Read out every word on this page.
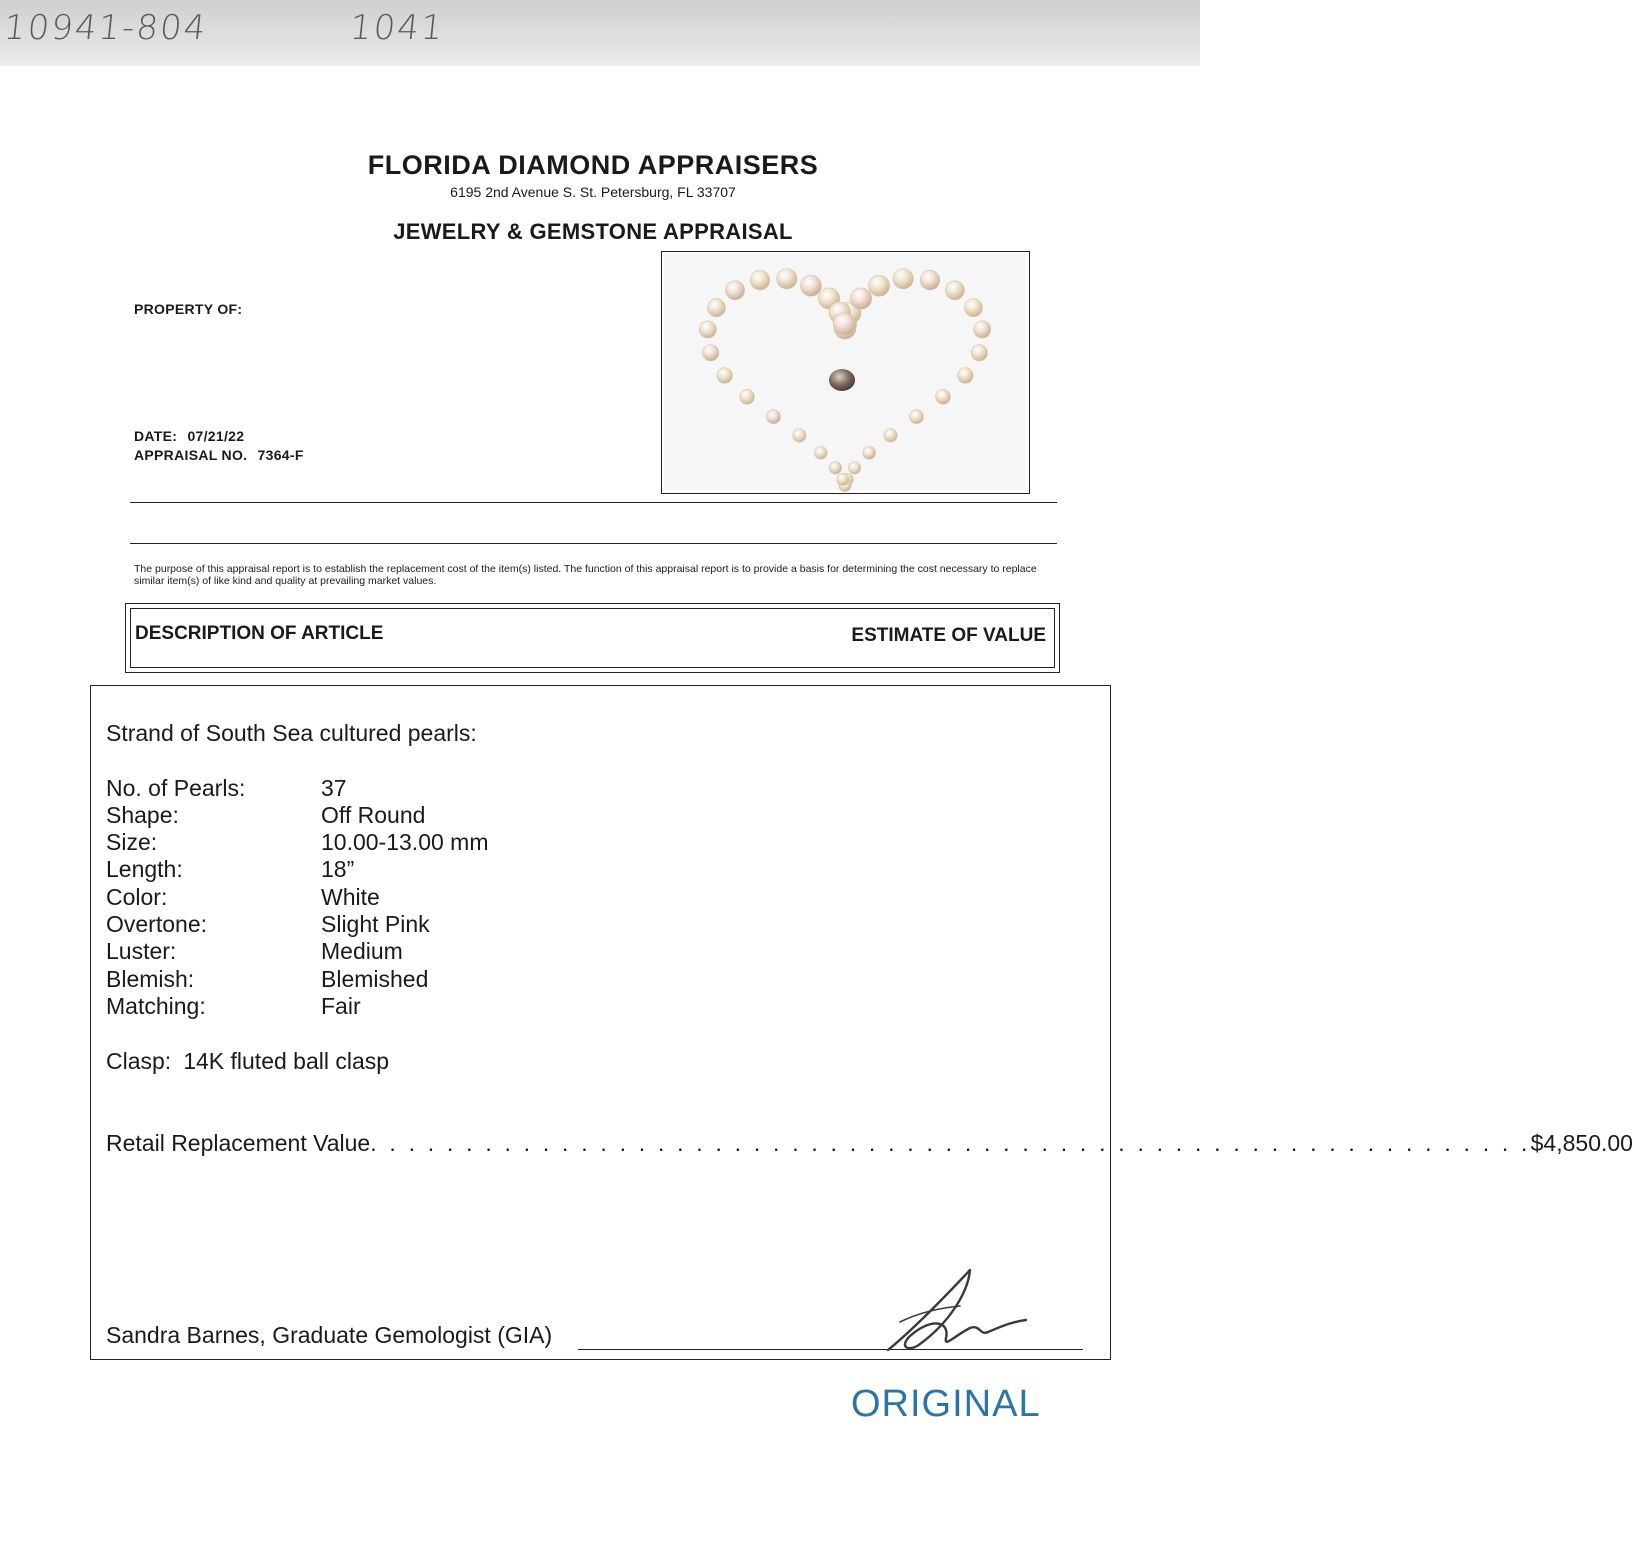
10941-804	1041
FLORIDA DIAMOND APPRAISERS
6195 2nd Avenue S. St. Petersburg, FL 33707
JEWELRY & GEMSTONE APPRAISAL
PROPERTY OF:
DATE: 07/21/22
APPRAISAL NO. 7364-F
The purpose of this appraisal report is to establish the replacement cost of the item(s) listed. The function of this appraisal report is to provide a basis for determining the cost necessary to replace similar item(s) of like kind and quality at prevailing market values.
DESCRIPTION OF ARTICLE	ESTIMATE OF VALUE
Strand of South Sea cultured pearls:
No. of Pearls:	37
Shape:	Off Round
Size:	10.00-13.00 mm
Length:	18”
Color:	White
Overtone:	Slight Pink
Luster:	Medium
Blemish:	Blemished
Matching:	Fair
Clasp: 14K fluted ball clasp
Retail Replacement Value . . . . . . . . . . . . . . . . . . . . . . . . . . . . . . . . . . . . . . . . . . . . . . . . . . . . . . . . . . . . . $4,850.00
Sandra Barnes, Graduate Gemologist (GIA)
ORIGINAL
